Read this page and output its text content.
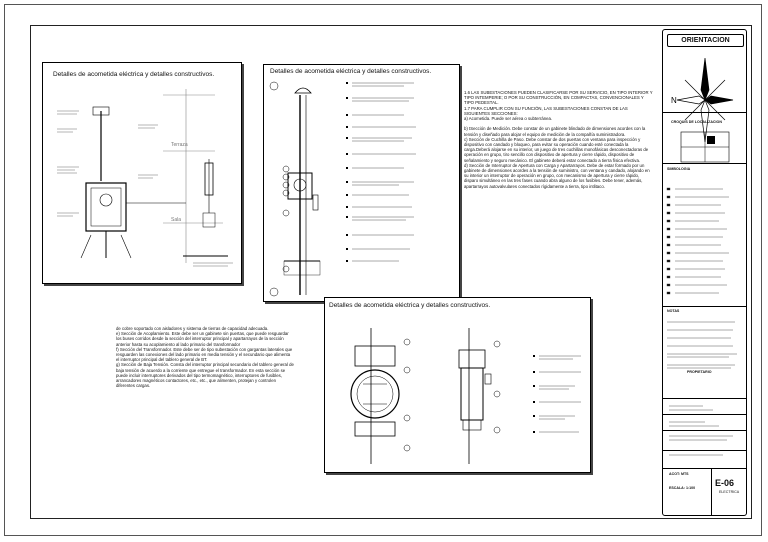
Detalles de acometida eléctrica y detalles constructivos.
Terraza
Sala
Detalles de acometida eléctrica y detalles constructivos.
1.6 LAS SUBESTACIONES PUEDEN CLASIFICARSE POR SU SERVICIO, EN TIPO INTERIOR Y TIPO INTEMPERIE; O POR SU CONSTRUCCIÓN, EN COMPACTAS, CONVENCIONALES Y TIPO PEDESTAL.
1.7 PARA CUMPLIR CON SU FUNCIÓN, LAS SUBESTACIONES CONSTAN DE LAS SIGUIENTES SECCIONES:
a) Acometida. Puede ser aérea o subterránea.

b) tSección de Medición. Debe constar de un gabinete blindado de dimensiones acordes con la tensión y diseñado para alojar el equipo de medición de la compañía suministradora.
c) Sección de Cuchilla de Paso. Debe constar de dos puertas con ventana para inspección y dispositivo con candado y bloqueo, para evitar su operación cuando esté conectada la carga.Deberá alojarse en su interior, un juego de tres cuchillas monofásicas desconectadoras de operación en grupo, tiro sencillo con dispositivo de apertura y cierre rápido, dispositivo de señalamiento y seguro mecánico. El gabinete deberá estar conectado a tierra física efectiva.
d) Sección de Interruptor de Apertura con Carga y Apartarrayos. Debe de estar formado por un gabinete de dimensiones acordes a la tensión de suministro, con ventana y candado, alojando en su interior un interruptor de operación en grupo, con mecanismo de apertura y cierre rápido, disparo simultáneo en las tres fases cuando abra alguno de los fusibles. Debe tener, además, apartarrayos autovalvulares conectados rígidamente a tierra, tipo intlitaco.
de cobre soportado con aisladores y sistema de tierras de capacidad adecuada.
e) Sección de Acoplamiento. Este debe ser un gabinete sin puertas, que puede resguardar los buses corridos desde la sección del interruptor principal y apartarrayos de la sección anterior hasta su acoplamiento al lado primario del transformador
f) Sección del Transformador. Este debe ser de tipo subestación con gargantas laterales que resguarden las conexiones del lado primario en media tensión y el secundario que alimenta el interruptor principal del tablero general de BT.
g) Sección de Baja Tensión. Consta del interruptor principal secundario del tablero general de baja tensión de acuerdo a la corriente que entregue el transformador. En esta sección se puede incluir interruptores derivados del tipo termomagnético, interruptores de fusibles, arrancadores magnéticos contactores, etc., etc., que alimenten, protejan y controlen diferentes cargas.
Detalles de acometida eléctrica y detalles constructivos.
ORIENTACION
N
CROQUIS DE LOCALIZACION
SIMBOLOGIA
NOTAS
PROPIETARIO
ACOT: MTS
ESCALA: 1:100 E-06
ELECTRICA
